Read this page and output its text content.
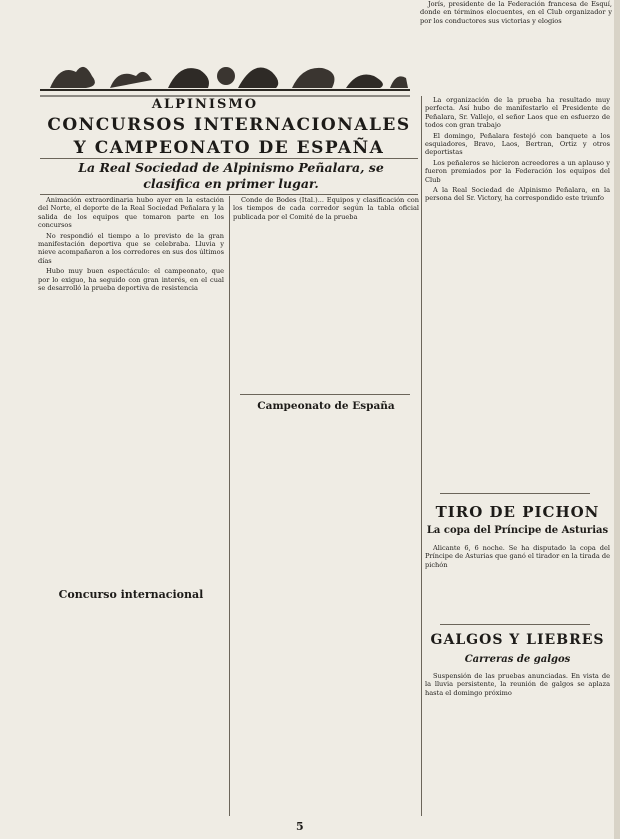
Jorís, presidente de la Federación francesa de Esquí, donde en términos elocuentes, en el Club organizador y por los conductores sus victorias y elogios

ALPINISMO
CONCURSOS INTERNACIONALES Y CAMPEONATO DE ESPAÑA
La Real Sociedad de Alpinismo Peñalara, se clasifica en primer lugar.

Animación extraordinaria hubo ayer en la estación del Norte, el deporte de la Real Sociedad Peñalara y la salida de los equipos que tomaron parte en los concursos

No respondió el tiempo a lo previsto de la gran manifestación deportiva que se celebraba. Lluvia y nieve acompañaron a los corredores en sus dos últimos días

Hubo muy buen espectáculo: el campeonato, que por lo exiguo, ha seguido con gran interés, en el cual se desarrolló la prueba deportiva de resistencia

Concurso internacional

Conde de Bodes (Ital.)... Equipos y clasificación con los tiempos de cada corredor según la tabla oficial publicada por el Comité de la prueba

Campeonato de España

La organización de la prueba ha resultado muy perfecta. Así hubo de manifestarlo el Presidente de Peñalara, Sr. Vallejo, el señor Laos que en esfuerzo de todos con gran trabajo

El domingo, Peñalara festejó con banquete a los esquiadores, Bravo, Laos, Bertran, Ortiz y otros deportistas

Los peñaleros se hicieron acreedores a un aplauso y fueron premiados por la Federación los equipos del Club

A la Real Sociedad de Alpinismo Peñalara, en la persona del Sr. Victory, ha correspondido este triunfo

TIRO DE PICHON
La copa del Príncipe de Asturias

Alicante 6, 6 noche. Se ha disputado la copa del Príncipe de Asturias que ganó el tirador en la tirada de pichón

GALGOS Y LIEBRES
Carreras de galgos

Suspensión de las pruebas anunciadas. En vista de la lluvia persistente, la reunión de galgos se aplaza hasta el domingo próximo

5
